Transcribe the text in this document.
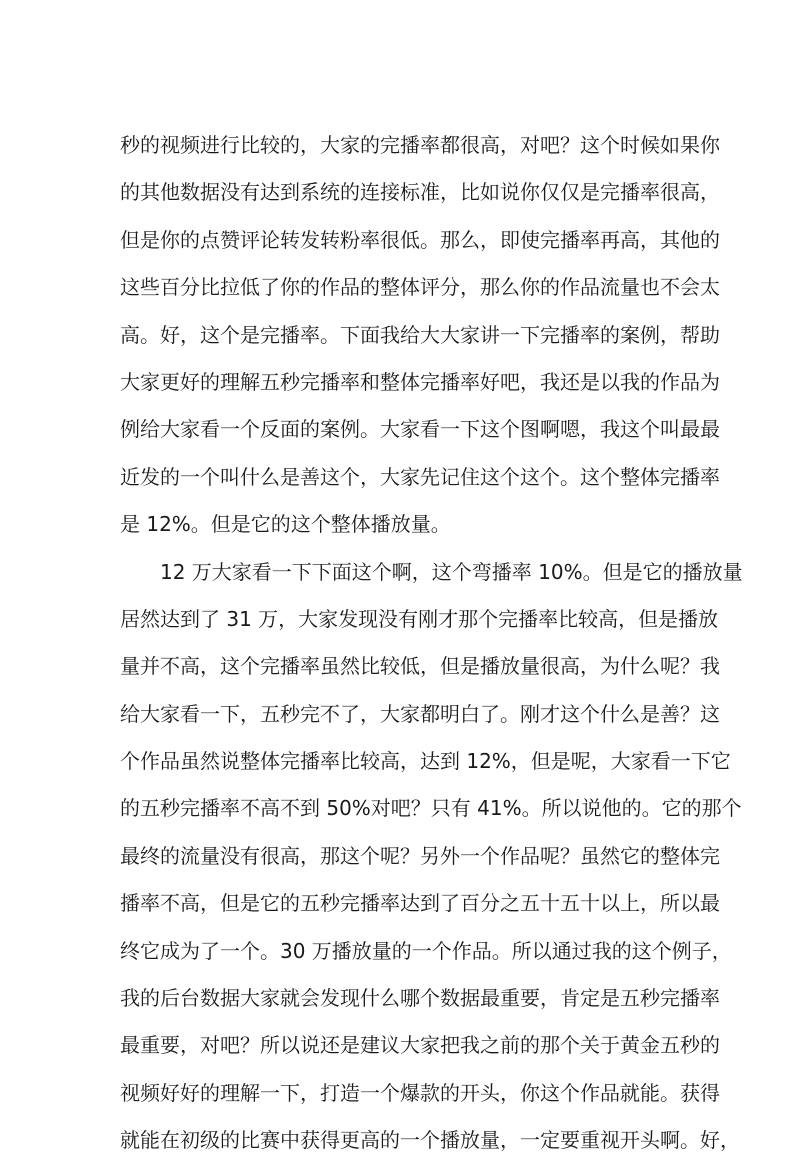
秒的视频进行比较的，大家的完播率都很高，对吧？这个时候如果你
的其他数据没有达到系统的连接标准，比如说你仅仅是完播率很高，
但是你的点赞评论转发转粉率很低。那么，即使完播率再高，其他的
这些百分比拉低了你的作品的整体评分，那么你的作品流量也不会太
高。好，这个是完播率。下面我给大大家讲一下完播率的案例，帮助
大家更好的理解五秒完播率和整体完播率好吧，我还是以我的作品为
例给大家看一个反面的案例。大家看一下这个图啊嗯，我这个叫最最
近发的一个叫什么是善这个，大家先记住这个这个。这个整体完播率
是 12%。但是它的这个整体播放量。
12 万大家看一下下面这个啊，这个弯播率 10%。但是它的播放量
居然达到了 31 万，大家发现没有刚才那个完播率比较高，但是播放
量并不高，这个完播率虽然比较低，但是播放量很高，为什么呢？我
给大家看一下，五秒完不了，大家都明白了。刚才这个什么是善？这
个作品虽然说整体完播率比较高，达到 12%，但是呢，大家看一下它
的五秒完播率不高不到 50%对吧？只有 41%。所以说他的。它的那个
最终的流量没有很高，那这个呢？另外一个作品呢？虽然它的整体完
播率不高，但是它的五秒完播率达到了百分之五十五十以上，所以最
终它成为了一个。30 万播放量的一个作品。所以通过我的这个例子，
我的后台数据大家就会发现什么哪个数据最重要，肯定是五秒完播率
最重要，对吧？所以说还是建议大家把我之前的那个关于黄金五秒的
视频好好的理解一下，打造一个爆款的开头，你这个作品就能。获得
就能在初级的比赛中获得更高的一个播放量，一定要重视开头啊。好，
